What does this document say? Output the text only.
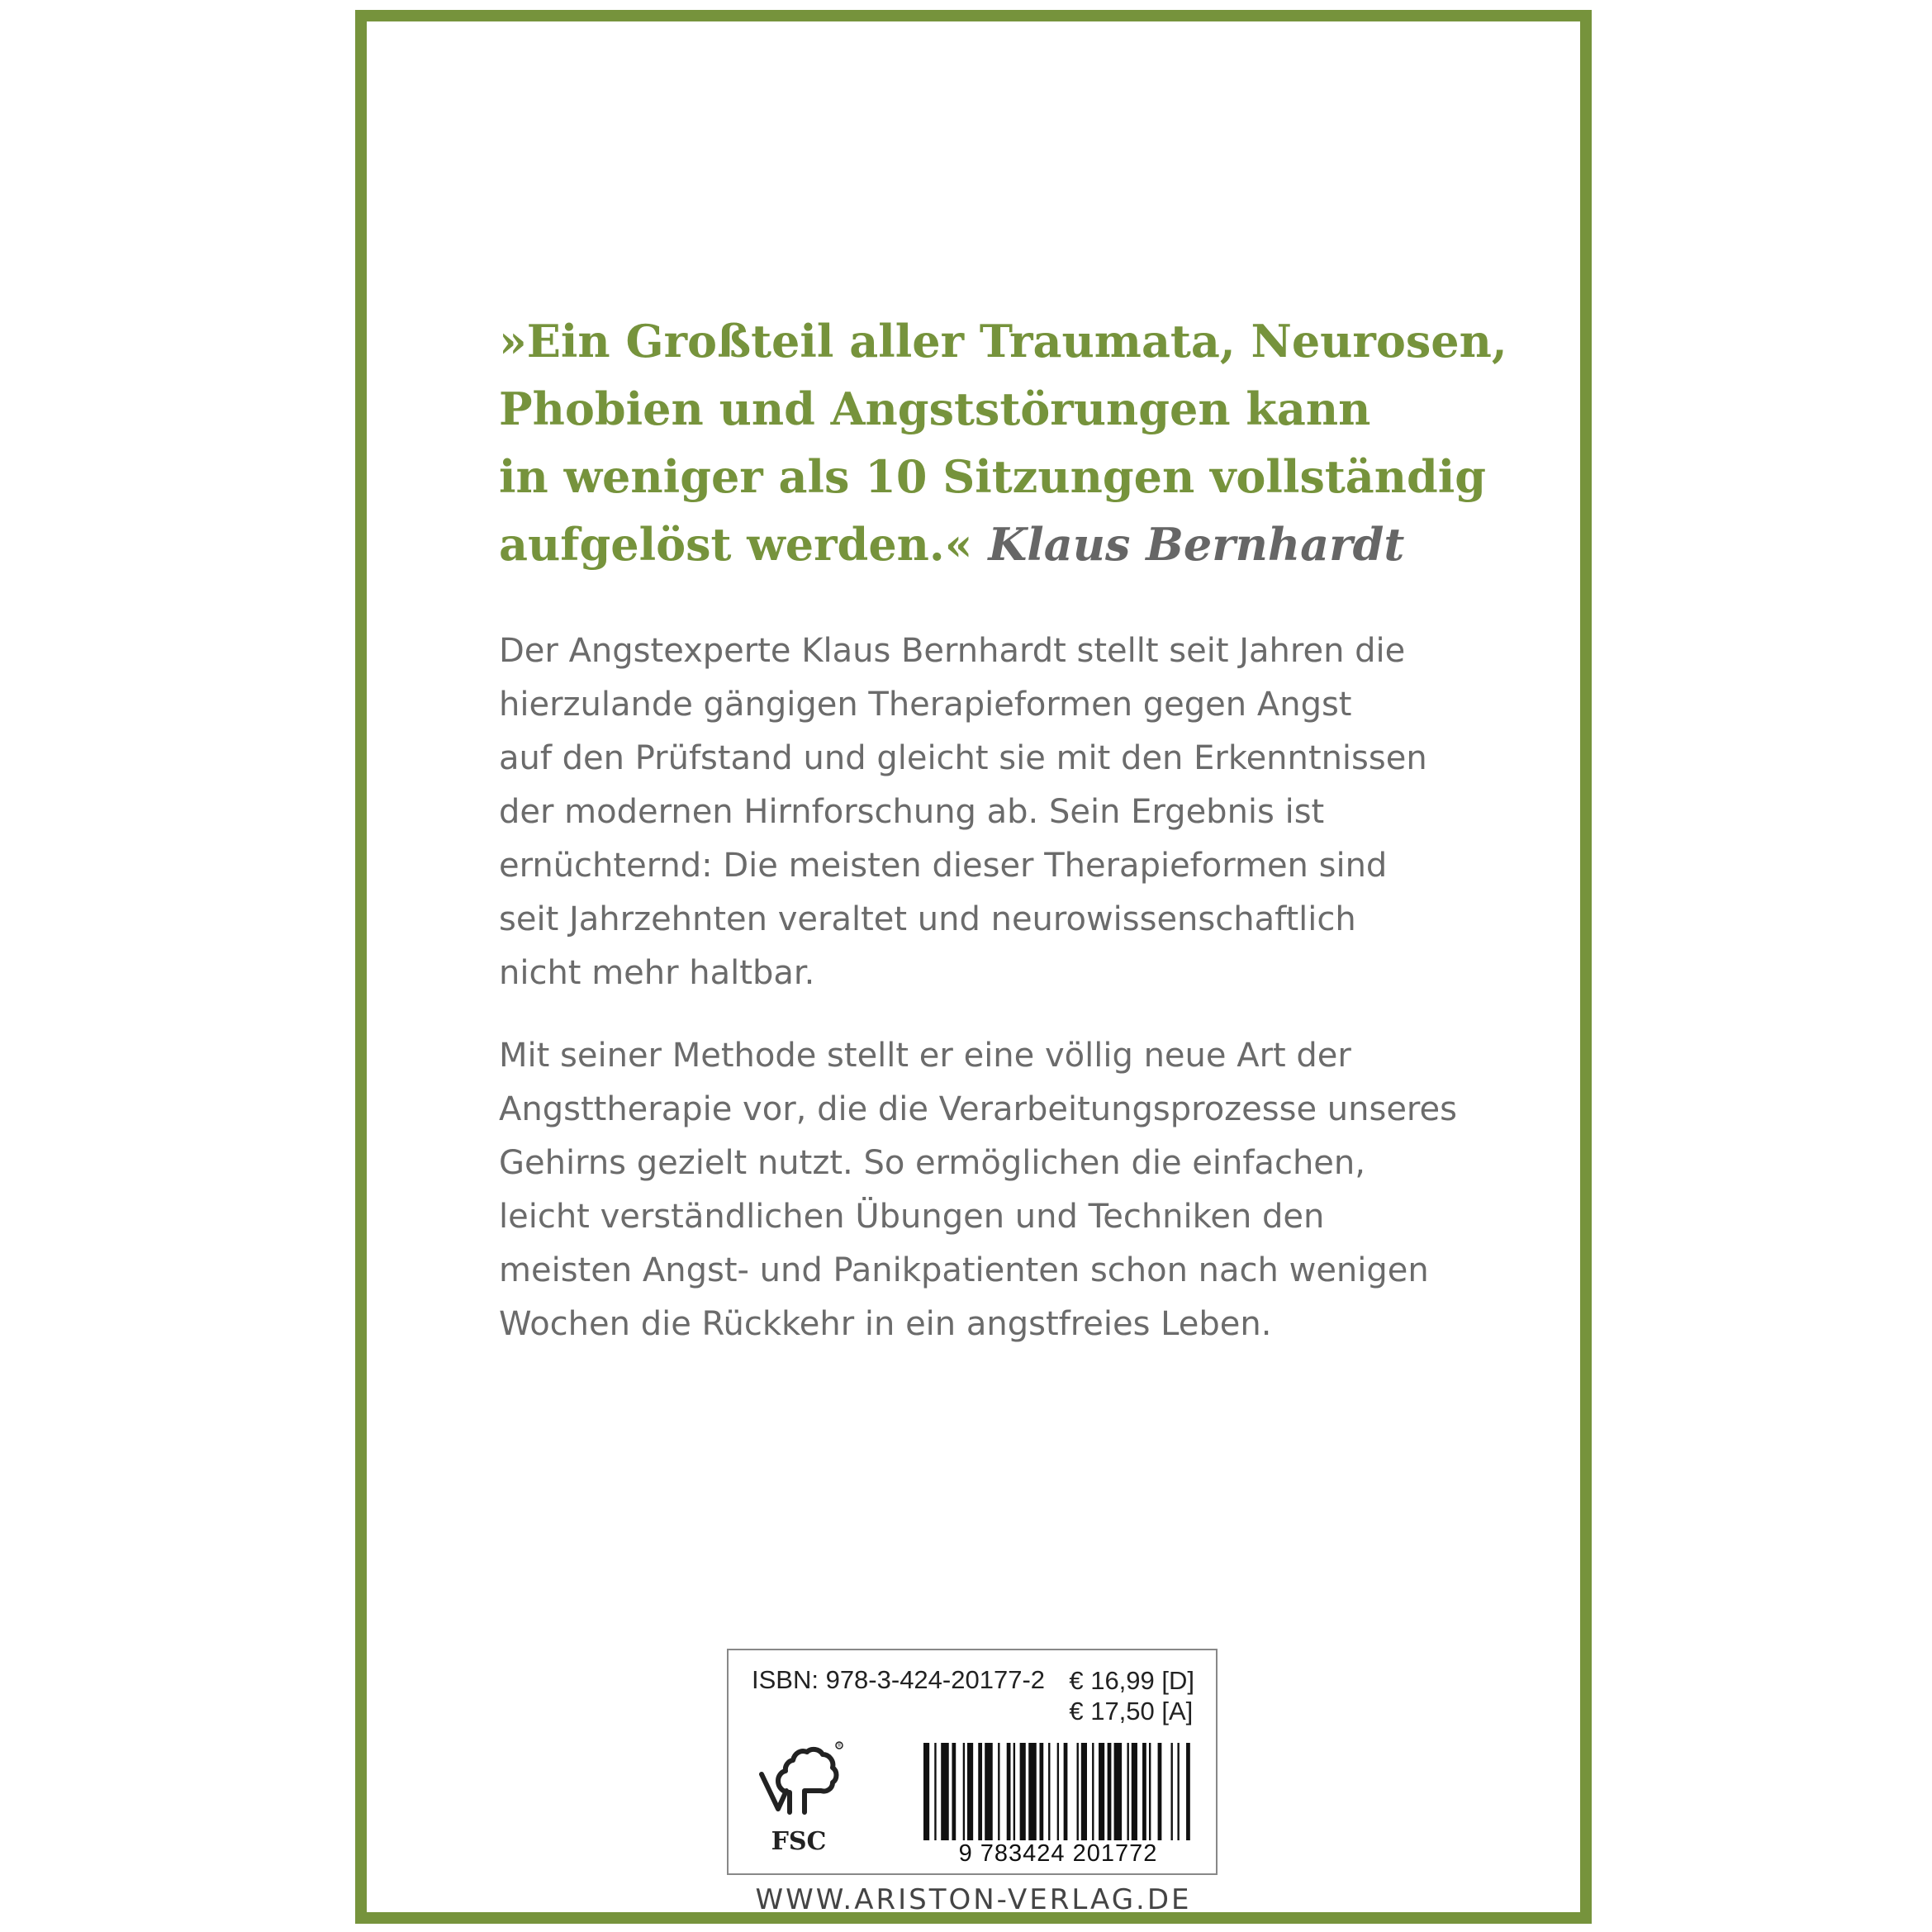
»Ein Großteil aller Traumata, Neurosen,
Phobien und Angststörungen kann
in weniger als 10 Sitzungen vollständig
aufgelöst werden.« Klaus Bernhardt

Der Angstexperte Klaus Bernhardt stellt seit Jahren die
hierzulande gängigen Therapieformen gegen Angst
auf den Prüfstand und gleicht sie mit den Erkenntnissen
der modernen Hirnforschung ab. Sein Ergebnis ist
ernüchternd: Die meisten dieser Therapieformen sind
seit Jahrzehnten veraltet und neurowissenschaftlich
nicht mehr haltbar.

Mit seiner Methode stellt er eine völlig neue Art der
Angsttherapie vor, die die Verarbeitungsprozesse unseres
Gehirns gezielt nutzt. So ermöglichen die einfachen,
leicht verständlichen Übungen und Techniken den
meisten Angst- und Panikpatienten schon nach wenigen
Wochen die Rückkehr in ein angstfreies Leben.

ISBN: 978-3-424-20177-2 € 16,99 [D]
€ 17,50 [A]
®
FSC	9 783424 201772
WWW.ARISTON-VERLAG.DE
